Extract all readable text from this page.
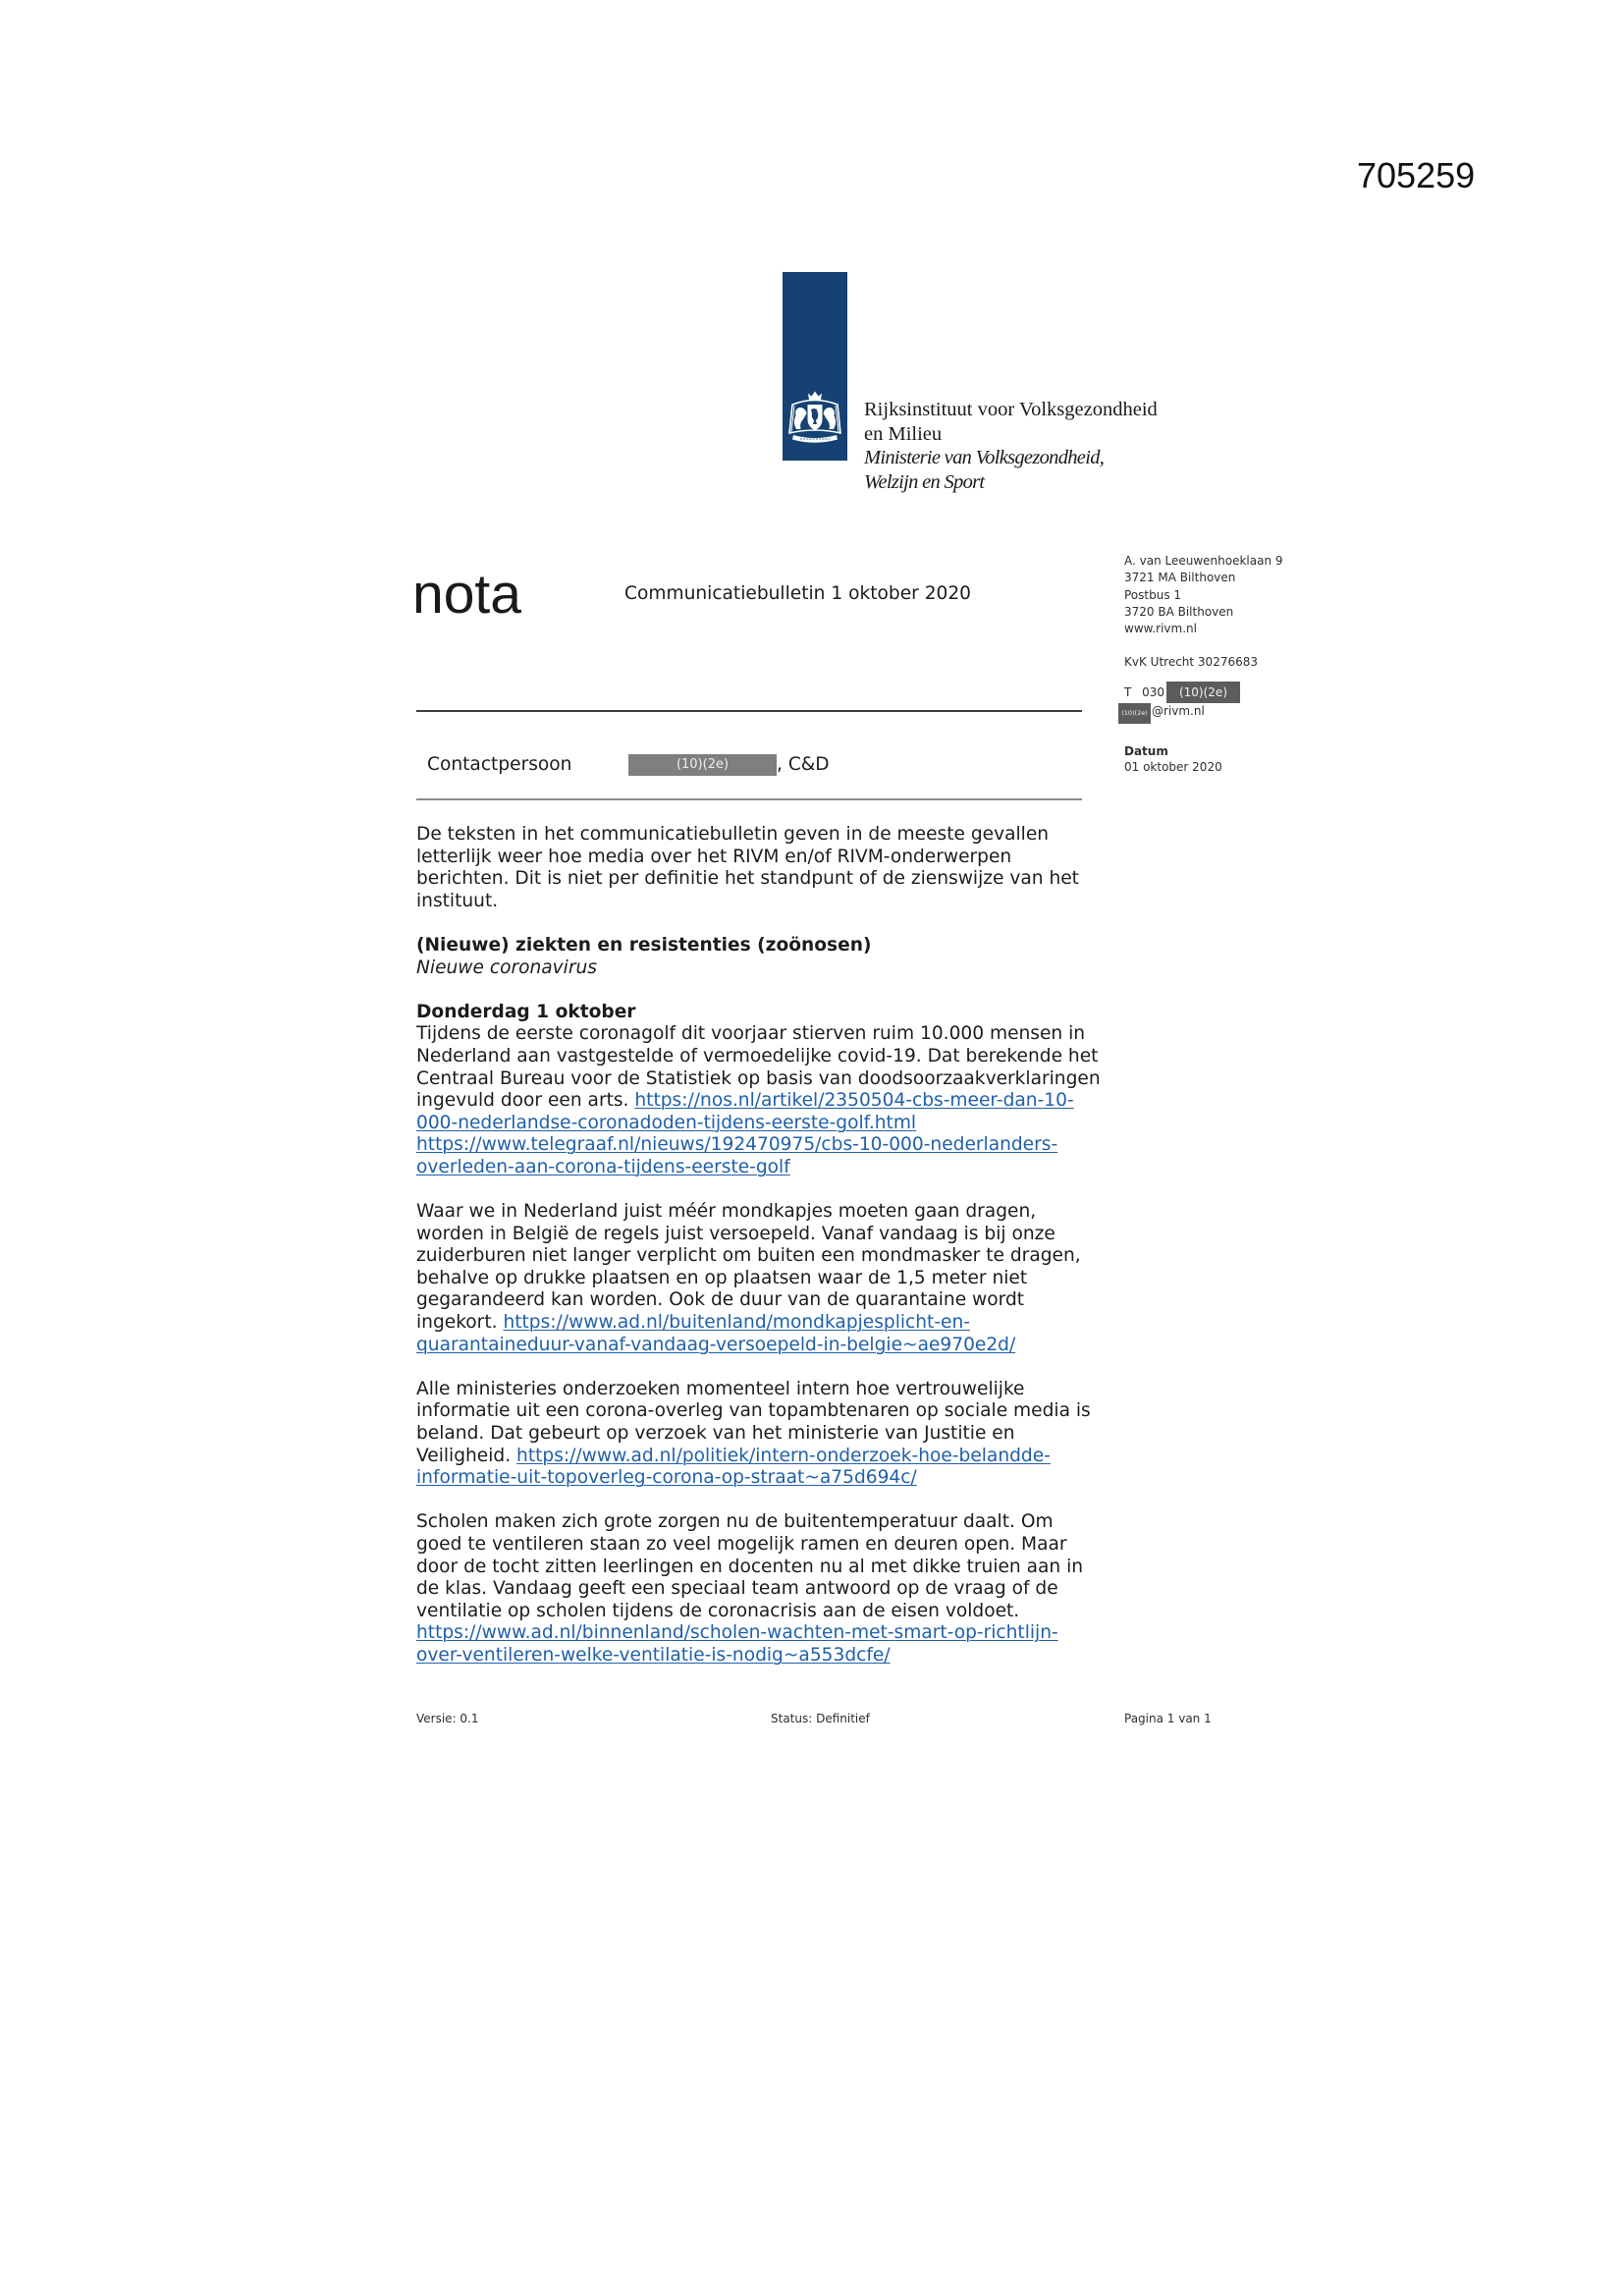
705259
Rijksinstituut voor Volksgezondheid
en Milieu
Ministerie van Volksgezondheid,
Welzijn en Sport
nota	Communicatiebulletin 1 oktober 2020
A. van Leeuwenhoeklaan 9
3721 MA Bilthoven
Postbus 1
3720 BA Bilthoven
www.rivm.nl
KvK Utrecht 30276683
T 030	(10)(2e)
(10)(2e) @rivm.nl
Datum
01 oktober 2020
Contactpersoon	(10)(2e)	, C&D
De teksten in het communicatiebulletin geven in de meeste gevallen
letterlijk weer hoe media over het RIVM en/of RIVM-onderwerpen
berichten. Dit is niet per definitie het standpunt of de zienswijze van het
instituut.
(Nieuwe) ziekten en resistenties (zoönosen)
Nieuwe coronavirus
Donderdag 1 oktober
Tijdens de eerste coronagolf dit voorjaar stierven ruim 10.000 mensen in
Nederland aan vastgestelde of vermoedelijke covid-19. Dat berekende het
Centraal Bureau voor de Statistiek op basis van doodsoorzaakverklaringen
ingevuld door een arts. https://nos.nl/artikel/2350504-cbs-meer-dan-10-
000-nederlandse-coronadoden-tijdens-eerste-golf.html
https://www.telegraaf.nl/nieuws/192470975/cbs-10-000-nederlanders-
overleden-aan-corona-tijdens-eerste-golf
Waar we in Nederland juist méér mondkapjes moeten gaan dragen,
worden in België de regels juist versoepeld. Vanaf vandaag is bij onze
zuiderburen niet langer verplicht om buiten een mondmasker te dragen,
behalve op drukke plaatsen en op plaatsen waar de 1,5 meter niet
gegarandeerd kan worden. Ook de duur van de quarantaine wordt
ingekort. https://www.ad.nl/buitenland/mondkapjesplicht-en-
quarantaineduur-vanaf-vandaag-versoepeld-in-belgie~ae970e2d/
Alle ministeries onderzoeken momenteel intern hoe vertrouwelijke
informatie uit een corona-overleg van topambtenaren op sociale media is
beland. Dat gebeurt op verzoek van het ministerie van Justitie en
Veiligheid. https://www.ad.nl/politiek/intern-onderzoek-hoe-belandde-
informatie-uit-topoverleg-corona-op-straat~a75d694c/
Scholen maken zich grote zorgen nu de buitentemperatuur daalt. Om
goed te ventileren staan zo veel mogelijk ramen en deuren open. Maar
door de tocht zitten leerlingen en docenten nu al met dikke truien aan in
de klas. Vandaag geeft een speciaal team antwoord op de vraag of de
ventilatie op scholen tijdens de coronacrisis aan de eisen voldoet.
https://www.ad.nl/binnenland/scholen-wachten-met-smart-op-richtlijn-
over-ventileren-welke-ventilatie-is-nodig~a553dcfe/
Versie: 0.1	Status: Definitief	Pagina 1 van 1
